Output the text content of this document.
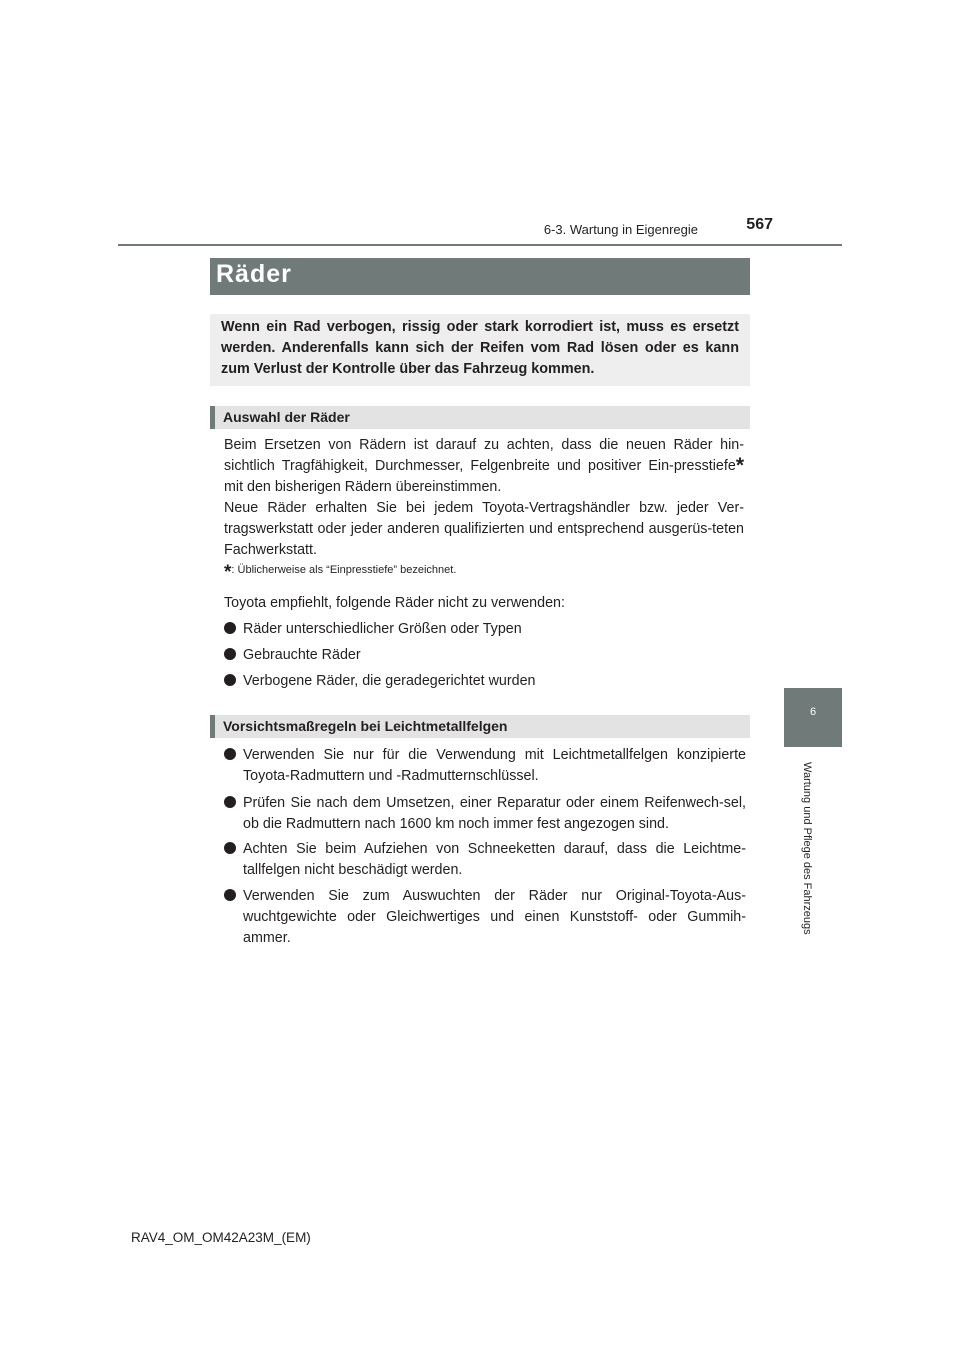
6-3. Wartung in Eigenregie	567
6
Wartung und Pflege des Fahrzeugs
Räder
Wenn ein Rad verbogen, rissig oder stark korrodiert ist, muss es ersetzt werden. Anderenfalls kann sich der Reifen vom Rad lösen oder es kann zum Verlust der Kontrolle über das Fahrzeug kommen.
Auswahl der Räder

Beim Ersetzen von Rädern ist darauf zu achten, dass die neuen Räder hin-sichtlich Tragfähigkeit, Durchmesser, Felgenbreite und positiver Ein-presstiefe* mit den bisherigen Rädern übereinstimmen.

Neue Räder erhalten Sie bei jedem Toyota-Vertragshändler bzw. jeder Ver-tragswerkstatt oder jeder anderen qualifizierten und entsprechend ausgerüs-teten Fachwerkstatt.

*: Üblicherweise als “Einpresstiefe” bezeichnet.

Toyota empfiehlt, folgende Räder nicht zu verwenden:

Räder unterschiedlicher Größen oder Typen
Gebrauchte Räder
Verbogene Räder, die geradegerichtet wurden
Vorsichtsmaßregeln bei Leichtmetallfelgen
Verwenden Sie nur für die Verwendung mit Leichtmetallfelgen konzipierte Toyota-Radmuttern und -Radmutternschlüssel.
Prüfen Sie nach dem Umsetzen, einer Reparatur oder einem Reifenwech-sel, ob die Radmuttern nach 1600 km noch immer fest angezogen sind.
Achten Sie beim Aufziehen von Schneeketten darauf, dass die Leichtme-tallfelgen nicht beschädigt werden.
Verwenden Sie zum Auswuchten der Räder nur Original-Toyota-Aus-wuchtgewichte oder Gleichwertiges und einen Kunststoff- oder Gummih-ammer.
RAV4_OM_OM42A23M_(EM)
